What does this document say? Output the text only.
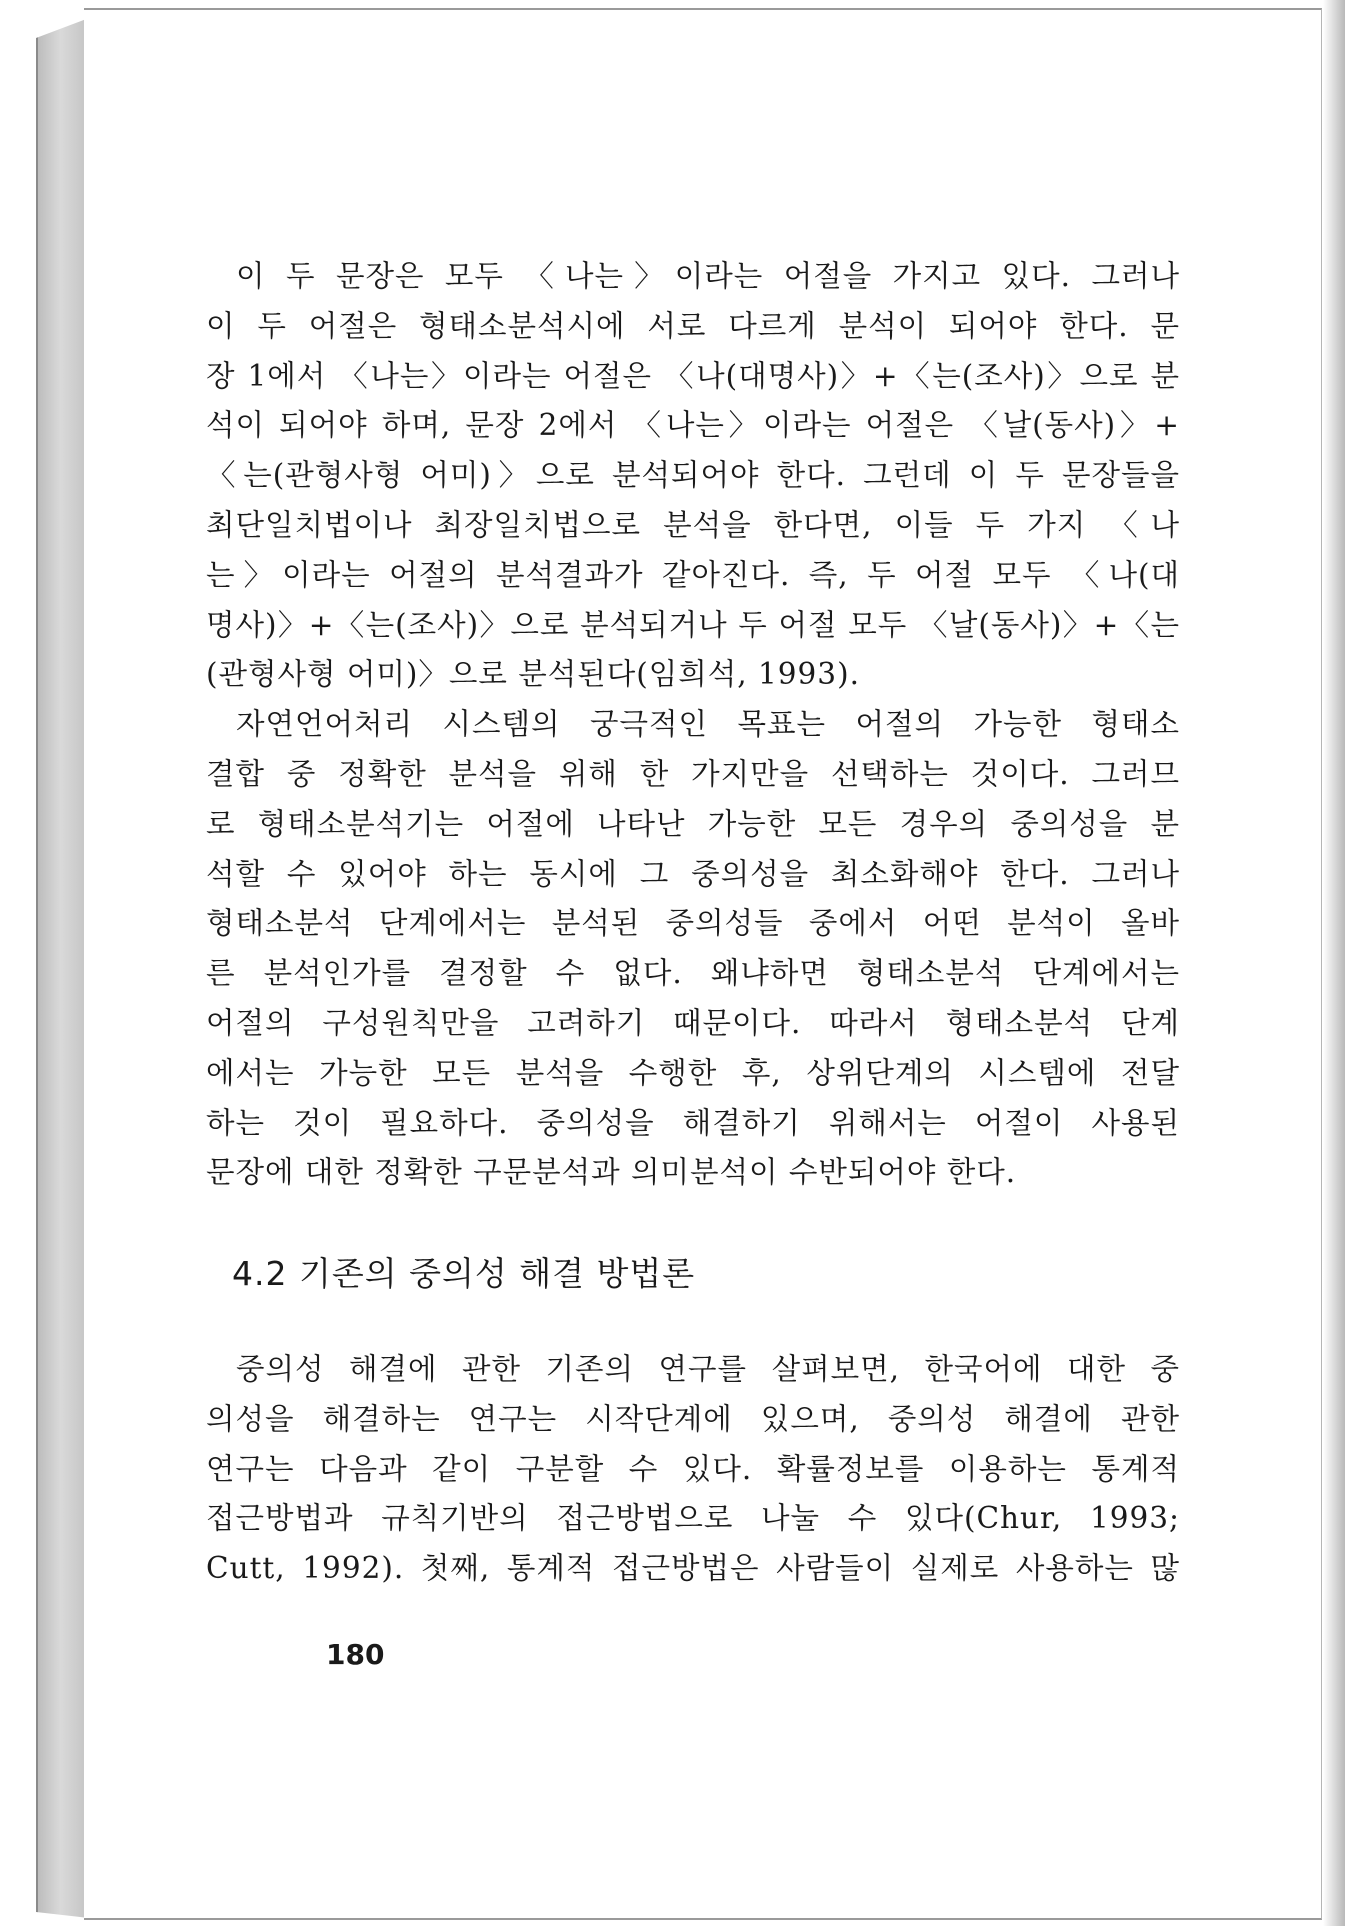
이 두 문장은 모두 〈나는〉이라는 어절을 가지고 있다. 그러나
이 두 어절은 형태소분석시에 서로 다르게 분석이 되어야 한다. 문
장 1에서 〈나는〉이라는 어절은 〈나(대명사)〉+〈는(조사)〉으로 분
석이 되어야 하며, 문장 2에서 〈나는〉이라는 어절은 〈날(동사)〉+
〈는(관형사형 어미)〉으로 분석되어야 한다. 그런데 이 두 문장들을
최단일치법이나 최장일치법으로 분석을 한다면, 이들 두 가지 〈나
는〉이라는 어절의 분석결과가 같아진다. 즉, 두 어절 모두 〈나(대
명사)〉+〈는(조사)〉으로 분석되거나 두 어절 모두 〈날(동사)〉+〈는
(관형사형 어미)〉으로 분석된다(임희석, 1993).
자연언어처리 시스템의 궁극적인 목표는 어절의 가능한 형태소
결합 중 정확한 분석을 위해 한 가지만을 선택하는 것이다. 그러므
로 형태소분석기는 어절에 나타난 가능한 모든 경우의 중의성을 분
석할 수 있어야 하는 동시에 그 중의성을 최소화해야 한다. 그러나
형태소분석 단계에서는 분석된 중의성들 중에서 어떤 분석이 올바
른 분석인가를 결정할 수 없다. 왜냐하면 형태소분석 단계에서는
어절의 구성원칙만을 고려하기 때문이다. 따라서 형태소분석 단계
에서는 가능한 모든 분석을 수행한 후, 상위단계의 시스템에 전달
하는 것이 필요하다. 중의성을 해결하기 위해서는 어절이 사용된
문장에 대한 정확한 구문분석과 의미분석이 수반되어야 한다.
4.2 기존의 중의성 해결 방법론
중의성 해결에 관한 기존의 연구를 살펴보면, 한국어에 대한 중
의성을 해결하는 연구는 시작단계에 있으며, 중의성 해결에 관한
연구는 다음과 같이 구분할 수 있다. 확률정보를 이용하는 통계적
접근방법과 규칙기반의 접근방법으로 나눌 수 있다(Chur, 1993;
Cutt, 1992). 첫째, 통계적 접근방법은 사람들이 실제로 사용하는 많
180
